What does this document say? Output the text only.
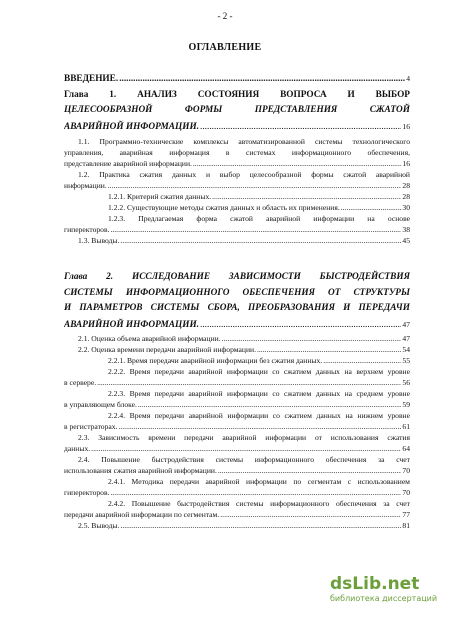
- 2 -
ОГЛАВЛЕНИЕ
ВВЕДЕНИЕ. .....	4
Глава 1. АНАЛИЗ СОСТОЯНИЯ ВОПРОСА И ВЫБОР
ЦЕЛЕСООБРАЗНОЙ ФОРМЫ ПРЕДСТАВЛЕНИЯ СЖАТОЙ
АВАРИЙНОЙ ИНФОРМАЦИИ. .....	16
1.1. Программно-технические комплексы автоматизированной системы технологического
управления, аварийная информация в системах информационного обеспечения,
представление аварийной информации. .....	16
1.2. Практика сжатия данных и выбор целесообразной формы сжатой аварийной
информации. .....	28
1.2.1. Критерий сжатия данных. .....	28
1.2.2. Существующие методы сжатия данных и область их применения. .....	30
1.2.3. Предлагаемая форма сжатой аварийной информации на основе
гиперекторов. .....	38
1.3. Выводы. .....	45
Глава 2. ИССЛЕДОВАНИЕ ЗАВИСИМОСТИ БЫСТРОДЕЙСТВИЯ
СИСТЕМЫ ИНФОРМАЦИОННОГО ОБЕСПЕЧЕНИЯ ОТ СТРУКТУРЫ
И ПАРАМЕТРОВ СИСТЕМЫ СБОРА, ПРЕОБРАЗОВАНИЯ И ПЕРЕДАЧИ
АВАРИЙНОЙ ИНФОРМАЦИИ. .....	47
2.1. Оценка объема аварийной информации. .....	47
2.2. Оценка времени передачи аварийной информации. .....	54
2.2.1. Время передачи аварийной информации без сжатия данных. .....	55
2.2.2. Время передачи аварийной информации со сжатием данных на верхнем уровне
в сервере. .....	56
2.2.3. Время передачи аварийной информации со сжатием данных на среднем уровне
в управляющем блоке. .....	59
2.2.4. Время передачи аварийной информации со сжатием данных на нижнем уровне
в регистраторах. .....	61
2.3. Зависимость времени передачи аварийной информации от использования сжатия
данных. .....	64
2.4. Повышение быстродействия системы информационного обеспечения за счет
использования сжатия аварийной информации. .....	70
2.4.1. Методика передачи аварийной информации по сегментам с использованием
гиперекторов. .....	70
2.4.2. Повышение быстродействия системы информационного обеспечения за счет
передачи аварийной информации по сегментам. .....	77
2.5. Выводы. .....	81
dsLib.net
библиотека диссертаций
